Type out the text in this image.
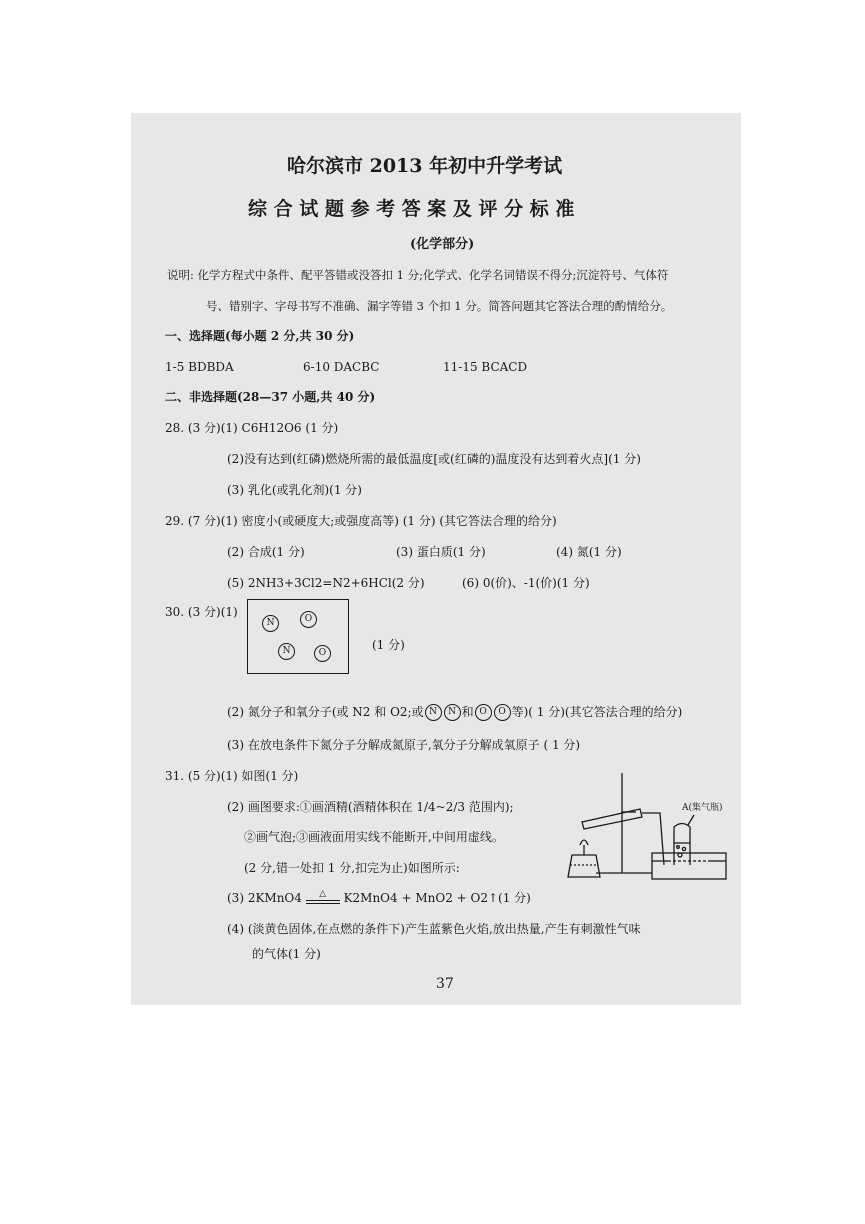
哈尔滨市 2013 年初中升学考试
综 合 试 题 参 考 答 案 及 评 分 标 准
(化学部分)
说明: 化学方程式中条件、配平答错或没答扣 1 分;化学式、化学名词错误不得分;沉淀符号、气体符
号、错别字、字母书写不准确、漏字等错 3 个扣 1 分。简答问题其它答法合理的酌情给分。
一、选择题(每小题 2 分,共 30 分)
1-5 BDBDA	6-10 DACBC	11-15 BCACD
二、非选择题(28—37 小题,共 40 分)
28. (3 分)(1) C6H12O6 (1 分)
(2)没有达到(红磷)燃烧所需的最低温度[或(红磷的)温度没有达到着火点](1 分)
(3) 乳化(或乳化剂)(1 分)
29. (7 分)(1) 密度小(或硬度大;或强度高等) (1 分) (其它答法合理的给分)
(2) 合成(1 分)	(3) 蛋白质(1 分)	(4) 氮(1 分)
(5) 2NH3+3Cl2=N2+6HCl(2 分)	(6) 0(价)、-1(价)(1 分)
30. (3 分)(1)
N	O
N	O
(1 分)
(2) 氮分子和氧分子(或 N2 和 O2;或 N N 和 O O 等)( 1 分)(其它答法合理的给分)
(3) 在放电条件下氮分子分解成氮原子,氧分子分解成氧原子 ( 1 分)
31. (5 分)(1) 如图(1 分)
(2) 画图要求:①画酒精(酒精体积在 1/4~2/3 范围内);
②画气泡;③画液面用实线不能断开,中间用虚线。
(2 分,错一处扣 1 分,扣完为止)如图所示:
(3) 2KMnO4	△	K2MnO4 + MnO2 + O2↑(1 分)
(4) (淡黄色固体,在点燃的条件下)产生蓝紫色火焰,放出热量,产生有刺激性气味
的气体(1 分)
A(集气瓶)
37
